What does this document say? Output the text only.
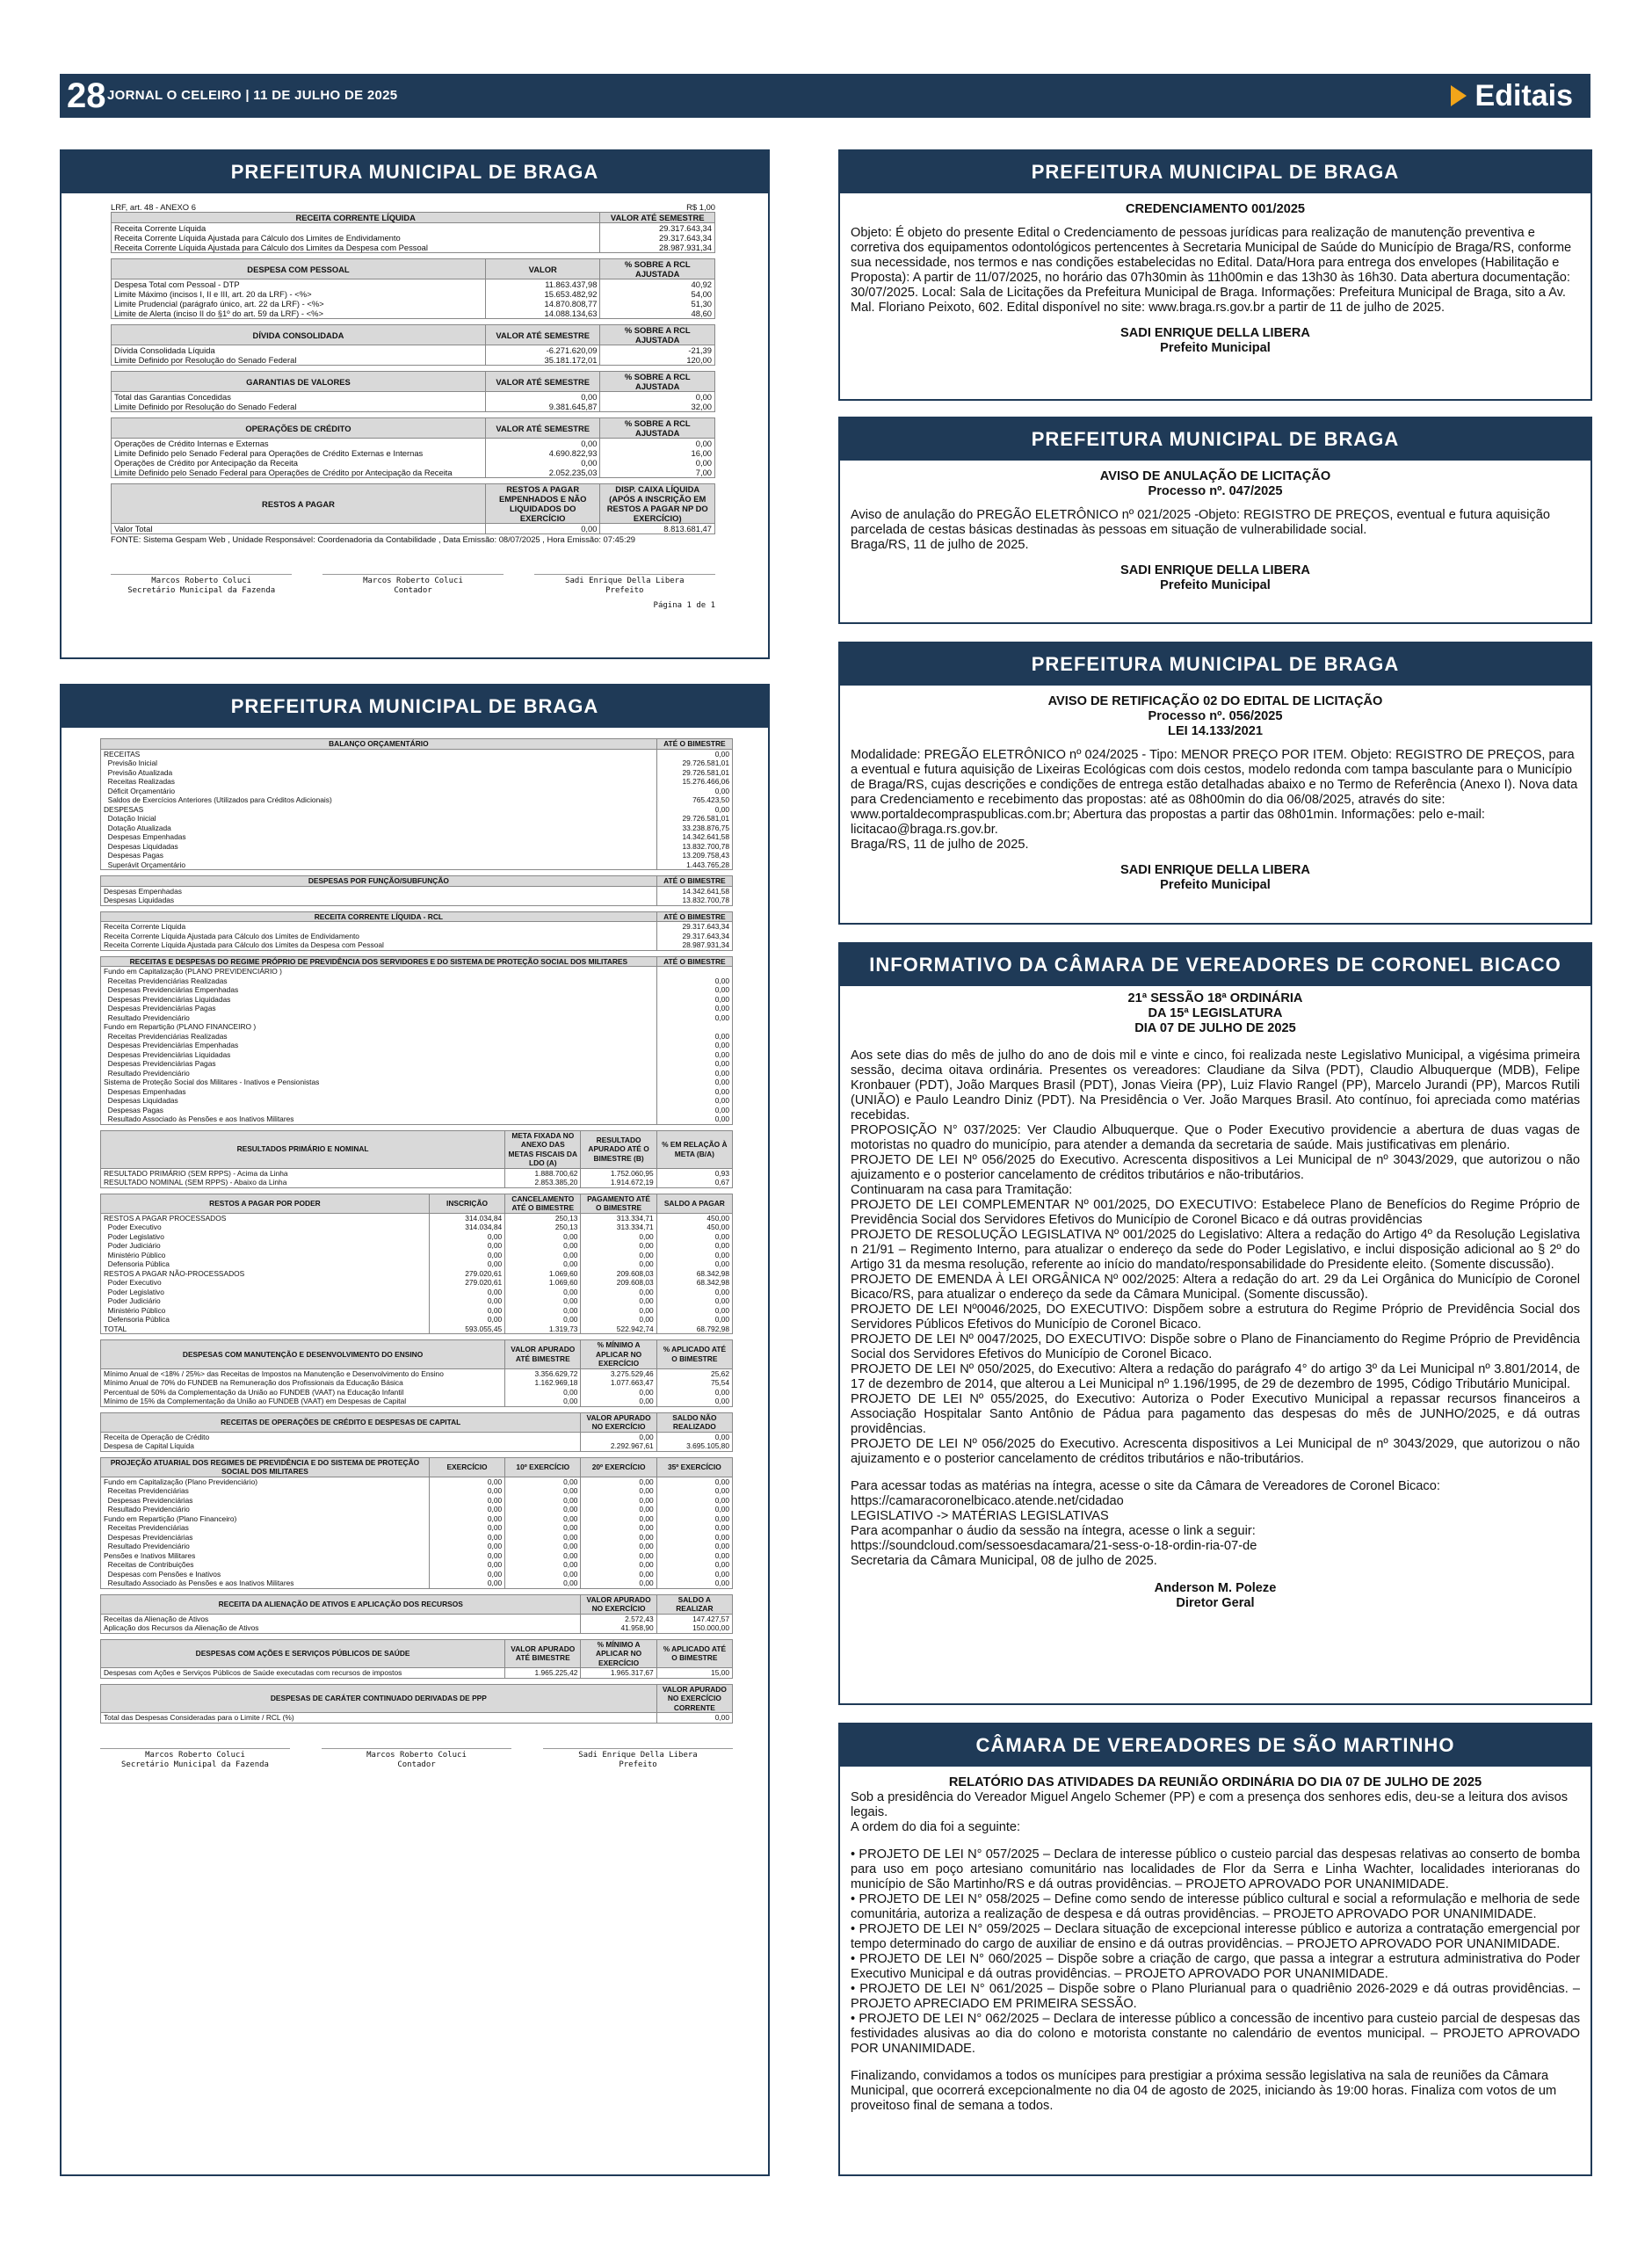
28 JORNAL O CELEIRO | 11 DE JULHO DE 2025	Editais
PREFEITURA MUNICIPAL DE BRAGA
LRF, art. 48 - ANEXO 6	R$ 1,00
RECEITA CORRENTE LÍQUIDA		VALOR ATÉ SEMESTRE
Receita Corrente Líquida		29.317.643,34
Receita Corrente Líquida Ajustada para Cálculo dos Limites de Endividamento		29.317.643,34
Receita Corrente Líquida Ajustada para Cálculo dos Limites da Despesa com Pessoal		28.987.931,34

DESPESA COM PESSOAL	VALOR	% SOBRE A RCL AJUSTADA
Despesa Total com Pessoal - DTP	11.863.437,98	40,92
Limite Máximo (incisos I, II e III, art. 20 da LRF) - <%>	15.653.482,92	54,00
Limite Prudencial (parágrafo único, art. 22 da LRF) - <%>	14.870.808,77	51,30
Limite de Alerta (inciso II do §1º do art. 59 da LRF) - <%>	14.088.134,63	48,60

DÍVIDA CONSOLIDADA	VALOR ATÉ SEMESTRE	% SOBRE A RCL AJUSTADA
Dívida Consolidada Líquida	-6.271.620,09	-21,39
Limite Definido por Resolução do Senado Federal	35.181.172,01	120,00

GARANTIAS DE VALORES	VALOR ATÉ SEMESTRE	% SOBRE A RCL AJUSTADA
Total das Garantias Concedidas	0,00	0,00
Limite Definido por Resolução do Senado Federal	9.381.645,87	32,00

OPERAÇÕES DE CRÉDITO	VALOR ATÉ SEMESTRE	% SOBRE A RCL AJUSTADA
Operações de Crédito Internas e Externas	0,00	0,00
Limite Definido pelo Senado Federal para Operações de Crédito Externas e Internas	4.690.822,93	16,00
Operações de Crédito por Antecipação da Receita	0,00	0,00
Limite Definido pelo Senado Federal para Operações de Crédito por Antecipação da Receita	2.052.235,03	7,00

RESTOS A PAGAR	RESTOS A PAGAR EMPENHADOS E NÃO LIQUIDADOS DO EXERCÍCIO	DISP. CAIXA LÍQUIDA (APÓS A INSCRIÇÃO EM RESTOS A PAGAR NP DO EXERCÍCIO)
Valor Total	0,00	8.813.681,47
FONTE: Sistema Gespam Web , Unidade Responsável: Coordenadoria da Contabilidade , Data Emissão: 08/07/2025 , Hora Emissão: 07:45:29
Marcos Roberto Coluci
Secretário Municipal da Fazenda
Marcos Roberto Coluci
Contador
Sadi Enrique Della Libera
Prefeito
Página 1 de 1
PREFEITURA MUNICIPAL DE BRAGA
BALANÇO ORÇAMENTÁRIO				ATÉ O BIMESTRE
RECEITAS				0,00
Previsão Inicial				29.726.581,01
Previsão Atualizada				29.726.581,01
Receitas Realizadas				15.276.466,06
Déficit Orçamentário				0,00
Saldos de Exercícios Anteriores (Utilizados para Créditos Adicionais)				765.423,50
DESPESAS				0,00
Dotação Inicial				29.726.581,01
Dotação Atualizada				33.238.876,75
Despesas Empenhadas				14.342.641,58
Despesas Liquidadas				13.832.700,78
Despesas Pagas				13.209.758,43
Superávit Orçamentário				1.443.765,28

DESPESAS POR FUNÇÃO/SUBFUNÇÃO				ATÉ O BIMESTRE
Despesas Empenhadas				14.342.641,58
Despesas Liquidadas				13.832.700,78

RECEITA CORRENTE LÍQUIDA - RCL				ATÉ O BIMESTRE
Receita Corrente Líquida				29.317.643,34
Receita Corrente Líquida Ajustada para Cálculo dos Limites de Endividamento				29.317.643,34
Receita Corrente Líquida Ajustada para Cálculo dos Limites da Despesa com Pessoal				28.987.931,34

RECEITAS E DESPESAS DO REGIME PRÓPRIO DE PREVIDÊNCIA DOS SERVIDORES E DO SISTEMA DE PROTEÇÃO SOCIAL DOS MILITARES				ATÉ O BIMESTRE
Fundo em Capitalização (PLANO PREVIDENCIÁRIO )				
Receitas Previdenciárias Realizadas				0,00
Despesas Previdenciárias Empenhadas				0,00
Despesas Previdenciárias Liquidadas				0,00
Despesas Previdenciárias Pagas				0,00
Resultado Previdenciário				0,00
Fundo em Repartição (PLANO FINANCEIRO )				
Receitas Previdenciárias Realizadas				0,00
Despesas Previdenciárias Empenhadas				0,00
Despesas Previdenciárias Liquidadas				0,00
Despesas Previdenciárias Pagas				0,00
Resultado Previdenciário				0,00
Sistema de Proteção Social dos Militares - Inativos e Pensionistas				0,00
Despesas Empenhadas				0,00
Despesas Liquidadas				0,00
Despesas Pagas				0,00
Resultado Associado às Pensões e aos Inativos Militares				0,00

RESULTADOS PRIMÁRIO E NOMINAL		META FIXADA NO ANEXO DAS METAS FISCAIS DA LDO (A)	RESULTADO APURADO ATÉ O BIMESTRE (B)	% EM RELAÇÃO À META (B/A)
RESULTADO PRIMÁRIO (SEM RPPS) - Acima da Linha		1.888.700,62	1.752.060,95	0,93
RESULTADO NOMINAL (SEM RPPS) - Abaixo da Linha		2.853.385,20	1.914.672,19	0,67

RESTOS A PAGAR POR PODER	INSCRIÇÃO	CANCELAMENTO ATÉ O BIMESTRE	PAGAMENTO ATÉ O BIMESTRE	SALDO A PAGAR
RESTOS A PAGAR PROCESSADOS	314.034,84	250,13	313.334,71	450,00
Poder Executivo	314.034,84	250,13	313.334,71	450,00
Poder Legislativo	0,00	0,00	0,00	0,00
Poder Judiciário	0,00	0,00	0,00	0,00
Ministério Público	0,00	0,00	0,00	0,00
Defensoria Pública	0,00	0,00	0,00	0,00
RESTOS A PAGAR NÃO-PROCESSADOS	279.020,61	1.069,60	209.608,03	68.342,98
Poder Executivo	279.020,61	1.069,60	209.608,03	68.342,98
Poder Legislativo	0,00	0,00	0,00	0,00
Poder Judiciário	0,00	0,00	0,00	0,00
Ministério Público	0,00	0,00	0,00	0,00
Defensoria Pública	0,00	0,00	0,00	0,00
TOTAL	593.055,45	1.319,73	522.942,74	68.792,98

DESPESAS COM MANUTENÇÃO E DESENVOLVIMENTO DO ENSINO		VALOR APURADO ATÉ BIMESTRE	% MÍNIMO A APLICAR NO EXERCÍCIO	% APLICADO ATÉ O BIMESTRE
Mínimo Anual de <18% / 25%> das Receitas de Impostos na Manutenção e Desenvolvimento do Ensino		3.356.629,72	3.275.529,46	25,62
Mínimo Anual de 70% do FUNDEB na Remuneração dos Profissionais da Educação Básica		1.162.969,18	1.077.663,47	75,54
Percentual de 50% da Complementação da União ao FUNDEB (VAAT) na Educação Infantil		0,00	0,00	0,00
Mínimo de 15% da Complementação da União ao FUNDEB (VAAT) em Despesas de Capital		0,00	0,00	0,00

RECEITAS DE OPERAÇÕES DE CRÉDITO E DESPESAS DE CAPITAL			VALOR APURADO NO EXERCÍCIO	SALDO NÃO REALIZADO
Receita de Operação de Crédito			0,00	0,00
Despesa de Capital Líquida			2.292.967,61	3.695.105,80

PROJEÇÃO ATUARIAL DOS REGIMES DE PREVIDÊNCIA E DO SISTEMA DE PROTEÇÃO SOCIAL DOS MILITARES	EXERCÍCIO	10º EXERCÍCIO	20º EXERCÍCIO	35º EXERCÍCIO
Fundo em Capitalização (Plano Previdenciário)	0,00	0,00	0,00	0,00
Receitas Previdenciárias	0,00	0,00	0,00	0,00
Despesas Previdenciárias	0,00	0,00	0,00	0,00
Resultado Previdenciário	0,00	0,00	0,00	0,00
Fundo em Repartição (Plano Financeiro)	0,00	0,00	0,00	0,00
Receitas Previdenciárias	0,00	0,00	0,00	0,00
Despesas Previdenciárias	0,00	0,00	0,00	0,00
Resultado Previdenciário	0,00	0,00	0,00	0,00
Pensões e Inativos Militares	0,00	0,00	0,00	0,00
Receitas de Contribuições	0,00	0,00	0,00	0,00
Despesas com Pensões e Inativos	0,00	0,00	0,00	0,00
Resultado Associado às Pensões e aos Inativos Militares	0,00	0,00	0,00	0,00

RECEITA DA ALIENAÇÃO DE ATIVOS E APLICAÇÃO DOS RECURSOS			VALOR APURADO NO EXERCÍCIO	SALDO A REALIZAR
Receitas da Alienação de Ativos			2.572,43	147.427,57
Aplicação dos Recursos da Alienação de Ativos			41.958,90	150.000,00

DESPESAS COM AÇÕES E SERVIÇOS PÚBLICOS DE SAÚDE		VALOR APURADO ATÉ BIMESTRE	% MÍNIMO A APLICAR NO EXERCÍCIO	% APLICADO ATÉ O BIMESTRE
Despesas com Ações e Serviços Públicos de Saúde executadas com recursos de impostos		1.965.225,42	1.965.317,67	15,00

DESPESAS DE CARÁTER CONTINUADO DERIVADAS DE PPP				VALOR APURADO NO EXERCÍCIO CORRENTE
Total das Despesas Consideradas para o Limite / RCL (%)				0,00
Marcos Roberto Coluci
Secretário Municipal da Fazenda
Marcos Roberto Coluci
Contador
Sadi Enrique Della Libera
Prefeito
PREFEITURA MUNICIPAL DE BRAGA

CREDENCIAMENTO 001/2025

Objeto: É objeto do presente Edital o Credenciamento de pessoas jurídicas para realização de manutenção preventiva e corretiva dos equipamentos odontológicos pertencentes à Secretaria Municipal de Saúde do Município de Braga/RS, conforme sua necessidade, nos termos e nas condições estabelecidas no Edital. Data/Hora para entrega dos envelopes (Habilitação e Proposta): A partir de 11/07/2025, no horário das 07h30min às 11h00min e das 13h30 às 16h30. Data abertura documentação: 30/07/2025. Local: Sala de Licitações da Prefeitura Municipal de Braga. Informações: Prefeitura Municipal de Braga, sito a Av. Mal. Floriano Peixoto, 602. Edital disponível no site: www.braga.rs.gov.br a partir de 11 de julho de 2025.

SADI ENRIQUE DELLA LIBERA

Prefeito Municipal

PREFEITURA MUNICIPAL DE BRAGA

AVISO DE ANULAÇÃO DE LICITAÇÃO

Processo nº. 047/2025

Aviso de anulação do PREGÃO ELETRÔNICO nº 021/2025 -Objeto: REGISTRO DE PREÇOS, eventual e futura aquisição parcelada de cestas básicas destinadas às pessoas em situação de vulnerabilidade social.

Braga/RS, 11 de julho de 2025.

SADI ENRIQUE DELLA LIBERA

Prefeito Municipal

PREFEITURA MUNICIPAL DE BRAGA

AVISO DE RETIFICAÇÃO 02 DO EDITAL DE LICITAÇÃO

Processo nº. 056/2025

LEI 14.133/2021

Modalidade: PREGÃO ELETRÔNICO nº 024/2025 - Tipo: MENOR PREÇO POR ITEM. Objeto: REGISTRO DE PREÇOS, para a eventual e futura aquisição de Lixeiras Ecológicas com dois cestos, modelo redonda com tampa basculante para o Município de Braga/RS, cujas descrições e condições de entrega estão detalhadas abaixo e no Termo de Referência (Anexo I). Nova data para Credenciamento e recebimento das propostas: até as 08h00min do dia 06/08/2025, através do site: www.portaldecompraspublicas.com.br; Abertura das propostas a partir das 08h01min. Informações: pelo e-mail: licitacao@braga.rs.gov.br.

Braga/RS, 11 de julho de 2025.

SADI ENRIQUE DELLA LIBERA

Prefeito Municipal

INFORMATIVO DA CÂMARA DE VEREADORES DE CORONEL BICACO

21ª SESSÃO 18ª ORDINÁRIA

DA 15ª LEGISLATURA

DIA 07 DE JULHO DE 2025

Aos sete dias do mês de julho do ano de dois mil e vinte e cinco, foi realizada neste Legislativo Municipal, a vigésima primeira sessão, decima oitava ordinária. Presentes os vereadores: Claudiane da Silva (PDT), Claudio Albuquerque (MDB), Felipe Kronbauer (PDT), João Marques Brasil (PDT), Jonas Vieira (PP), Luiz Flavio Rangel (PP), Marcelo Jurandi (PP), Marcos Rutili (UNIÃO) e Paulo Leandro Diniz (PDT). Na Presidência o Ver. João Marques Brasil. Ato contínuo, foi apreciada como matérias recebidas.

PROPOSIÇÃO N° 037/2025: Ver Claudio Albuquerque. Que o Poder Executivo providencie a abertura de duas vagas de motoristas no quadro do município, para atender a demanda da secretaria de saúde. Mais justificativas em plenário.

PROJETO DE LEI Nº 056/2025 do Executivo. Acrescenta dispositivos a Lei Municipal de nº 3043/2029, que autorizou o não ajuizamento e o posterior cancelamento de créditos tributários e não-tributários.

Continuaram na casa para Tramitação:

PROJETO DE LEI COMPLEMENTAR Nº 001/2025, DO EXECUTIVO: Estabelece Plano de Benefícios do Regime Próprio de Previdência Social dos Servidores Efetivos do Município de Coronel Bicaco e dá outras providências

PROJETO DE RESOLUÇÃO LEGISLATIVA Nº 001/2025 do Legislativo: Altera a redação do Artigo 4º da Resolução Legislativa n 21/91 – Regimento Interno, para atualizar o endereço da sede do Poder Legislativo, e inclui disposição adicional ao § 2º do Artigo 31 da mesma resolução, referente ao início do mandato/responsabilidade do Presidente eleito. (Somente discussão).

PROJETO DE EMENDA À LEI ORGÂNICA Nº 002/2025: Altera a redação do art. 29 da Lei Orgânica do Município de Coronel Bicaco/RS, para atualizar o endereço da sede da Câmara Municipal. (Somente discussão).

PROJETO DE LEI Nº0046/2025, DO EXECUTIVO: Dispõem sobre a estrutura do Regime Próprio de Previdência Social dos Servidores Públicos Efetivos do Município de Coronel Bicaco.

PROJETO DE LEI Nº 0047/2025, DO EXECUTIVO: Dispõe sobre o Plano de Financiamento do Regime Próprio de Previdência Social dos Servidores Efetivos do Município de Coronel Bicaco.

PROJETO DE LEI Nº 050/2025, do Executivo: Altera a redação do parágrafo 4° do artigo 3º da Lei Municipal nº 3.801/2014, de 17 de dezembro de 2014, que alterou a Lei Municipal nº 1.196/1995, de 29 de dezembro de 1995, Código Tributário Municipal.

PROJETO DE LEI Nº 055/2025, do Executivo: Autoriza o Poder Executivo Municipal a repassar recursos financeiros a Associação Hospitalar Santo Antônio de Pádua para pagamento das despesas do mês de JUNHO/2025, e dá outras providências.

PROJETO DE LEI Nº 056/2025 do Executivo. Acrescenta dispositivos a Lei Municipal de nº 3043/2029, que autorizou o não ajuizamento e o posterior cancelamento de créditos tributários e não-tributários.

Para acessar todas as matérias na íntegra, acesse o site da Câmara de Vereadores de Coronel Bicaco:

https://camaracoronelbicaco.atende.net/cidadao

LEGISLATIVO -> MATÉRIAS LEGISLATIVAS

Para acompanhar o áudio da sessão na íntegra, acesse o link a seguir:

https://soundcloud.com/sessoesdacamara/21-sess-o-18-ordin-ria-07-de

Secretaria da Câmara Municipal, 08 de julho de 2025.

Anderson M. Poleze

Diretor Geral

CÂMARA DE VEREADORES DE SÃO MARTINHO

RELATÓRIO DAS ATIVIDADES DA REUNIÃO ORDINÁRIA DO DIA 07 DE JULHO DE 2025

Sob a presidência do Vereador Miguel Angelo Schemer (PP) e com a presença dos senhores edis, deu-se a leitura dos avisos legais.

A ordem do dia foi a seguinte:

• PROJETO DE LEI N° 057/2025 – Declara de interesse público o custeio parcial das despesas relativas ao conserto de bomba para uso em poço artesiano comunitário nas localidades de Flor da Serra e Linha Wachter, localidades interioranas do município de São Martinho/RS e dá outras providências. – PROJETO APROVADO POR UNANIMIDADE.

• PROJETO DE LEI N° 058/2025 – Define como sendo de interesse público cultural e social a reformulação e melhoria de sede comunitária, autoriza a realização de despesa e dá outras providências. – PROJETO APROVADO POR UNANIMIDADE.

• PROJETO DE LEI N° 059/2025 – Declara situação de excepcional interesse público e autoriza a contratação emergencial por tempo determinado do cargo de auxiliar de ensino e dá outras providências. – PROJETO APROVADO POR UNANIMIDADE.

• PROJETO DE LEI N° 060/2025 – Dispõe sobre a criação de cargo, que passa a integrar a estrutura administrativa do Poder Executivo Municipal e dá outras providências. – PROJETO APROVADO POR UNANIMIDADE.

• PROJETO DE LEI N° 061/2025 – Dispõe sobre o Plano Plurianual para o quadriênio 2026-2029 e dá outras providências. – PROJETO APRECIADO EM PRIMEIRA SESSÃO.

• PROJETO DE LEI N° 062/2025 – Declara de interesse público a concessão de incentivo para custeio parcial de despesas das festividades alusivas ao dia do colono e motorista constante no calendário de eventos municipal. – PROJETO APROVADO POR UNANIMIDADE.

Finalizando, convidamos a todos os munícipes para prestigiar a próxima sessão legislativa na sala de reuniões da Câmara Municipal, que ocorrerá excepcionalmente no dia 04 de agosto de 2025, iniciando às 19:00 horas. Finaliza com votos de um proveitoso final de semana a todos.
